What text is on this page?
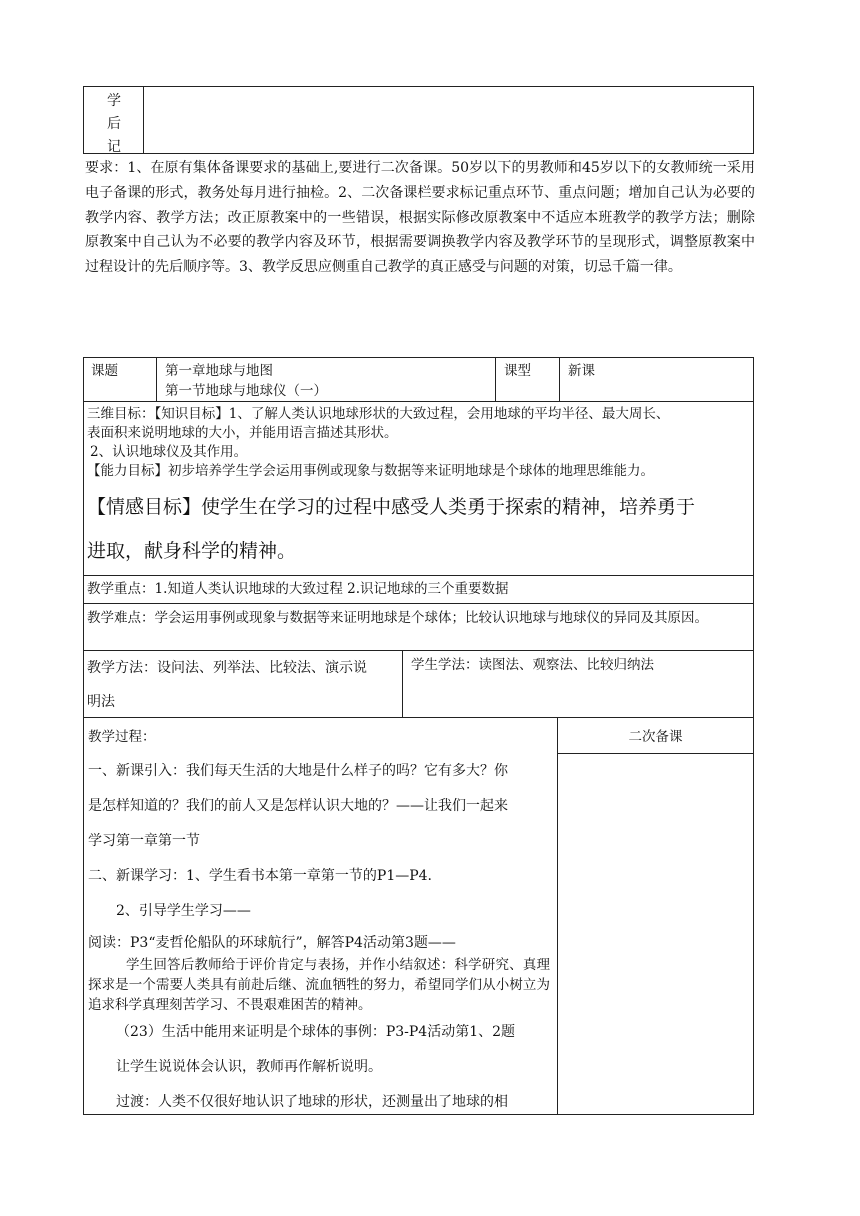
学
后
记
要求：1、在原有集体备课要求的基础上,要进行二次备课。50岁以下的男教师和45岁以下的女教师统一采用电子备课的形式，教务处每月进行抽检。2、二次备课栏要求标记重点环节、重点问题；增加自己认为必要的教学内容、教学方法；改正原教案中的一些错误，根据实际修改原教案中不适应本班教学的教学方法；删除原教案中自己认为不必要的教学内容及环节，根据需要调换教学内容及教学环节的呈现形式，调整原教案中过程设计的先后顺序等。3、教学反思应侧重自己教学的真正感受与问题的对策，切忌千篇一律。
课题	第一章地球与地图
第一节地球与地球仪（一）
课型	新课
三维目标：【知识目标】1、了解人类认识地球形状的大致过程，会用地球的平均半径、最大周长、
表面积来说明地球的大小，并能用语言描述其形状。
2、认识地球仪及其作用。
【能力目标】初步培养学生学会运用事例或现象与数据等来证明地球是个球体的地理思维能力。
【情感目标】使学生在学习的过程中感受人类勇于探索的精神，培养勇于
进取，献身科学的精神。
教学重点：1.知道人类认识地球的大致过程 2.识记地球的三个重要数据
教学难点：学会运用事例或现象与数据等来证明地球是个球体；比较认识地球与地球仪的异同及其原因。
教学方法：设问法、列举法、比较法、演示说
明法
学生学法：读图法、观察法、比较归纳法
二次备课
教学过程：
一、新课引入：我们每天生活的大地是什么样子的吗？它有多大？你
是怎样知道的？我们的前人又是怎样认识大地的？——让我们一起来
学习第一章第一节
二、新课学习：1、学生看书本第一章第一节的P1—P4.
2、引导学生学习——
阅读：P3“麦哲伦船队的环球航行”，解答P4活动第3题——
学生回答后教师给于评价肯定与表扬，并作小结叙述：科学研究、真理探求是一个需要人类具有前赴后继、流血牺牲的努力，希望同学们从小树立为追求科学真理刻苦学习、不畏艰难困苦的精神。
（23）生活中能用来证明是个球体的事例：P3-P4活动第1、2题
让学生说说体会认识，教师再作解析说明。
过渡：人类不仅很好地认识了地球的形状，还测量出了地球的相
